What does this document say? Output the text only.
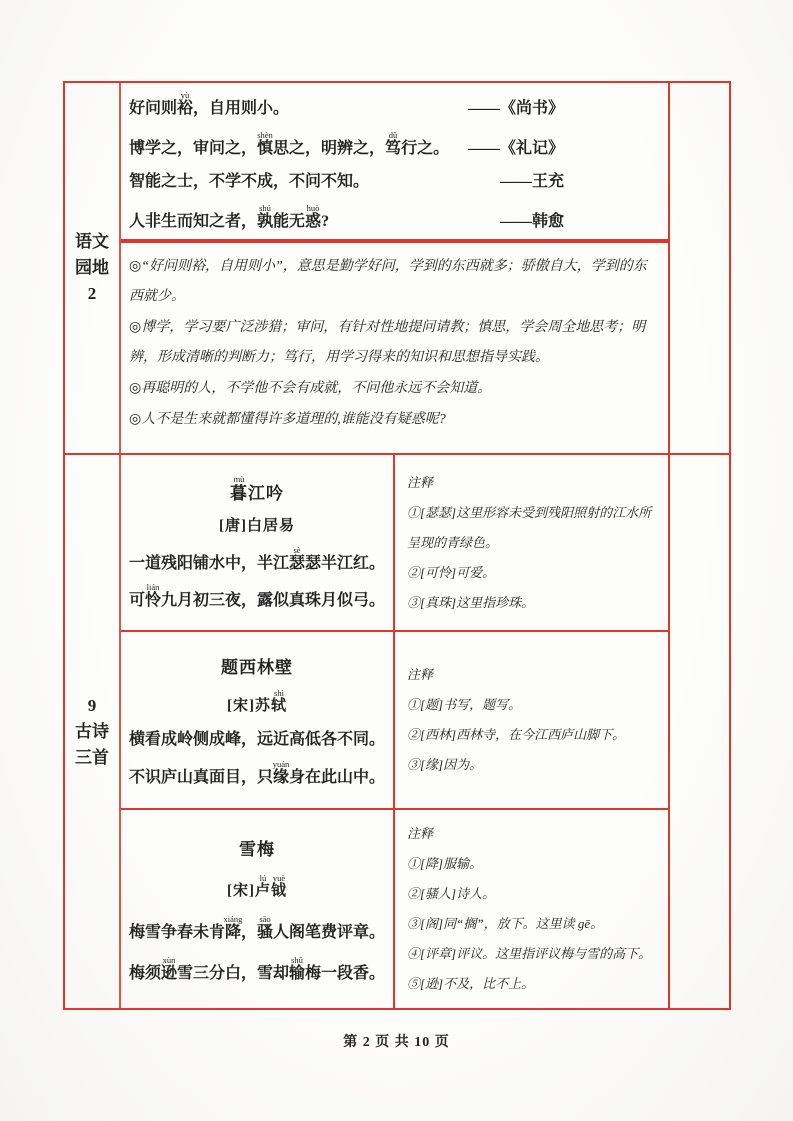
语文
园地
2
好问则裕yù，自用则小。	——《尚书》
博学之，审问之，慎shèn思之，明辨之，笃dǔ行之。	——《礼记》
智能之士，不学不成，不问不知。	——王充
人非生而知之者，孰shú能无惑huò?	——韩愈
◎“好问则裕，自用则小”，意思是勤学好问，学到的东西就多；骄傲自大，学到的东西就少。
◎博学，学习要广泛涉猎；审问，有针对性地提问请教；慎思，学会周全地思考；明辨，形成清晰的判断力；笃行，用学习得来的知识和思想指导实践。
◎再聪明的人，不学他不会有成就，不问他永远不会知道。
◎人不是生来就都懂得许多道理的,谁能没有疑惑呢?
9
古诗
三首
暮mù江吟
[唐]白居易
一道残阳铺水中，半江瑟sè瑟半江红。
可怜lián九月初三夜，露似真珠月似弓。
注释
①[瑟瑟]这里形容未受到残阳照射的江水所呈现的青绿色。
②[可怜]可爱。
③[真珠]这里指珍珠。
题西林壁
[宋]苏轼shì
横看成岭侧成峰，远近高低各不同。
不识庐山真面目，只缘yuán身在此山中。
注释
①[题]书写，题写。
②[西林]西林寺，在今江西庐山脚下。
③[缘]因为。
雪梅
[宋]卢lú钺yuè
梅雪争春未肯降xiáng，骚sāo人阁笔费评章。
梅须逊xùn雪三分白，雪却输shū梅一段香。
注释
①[降]服输。
②[骚人]诗人。
③[阁]同“搁”，放下。这里读 gē。
④[评章]评议。这里指评议梅与雪的高下。
⑤[逊]不及，比不上。
第 2 页 共 10 页
